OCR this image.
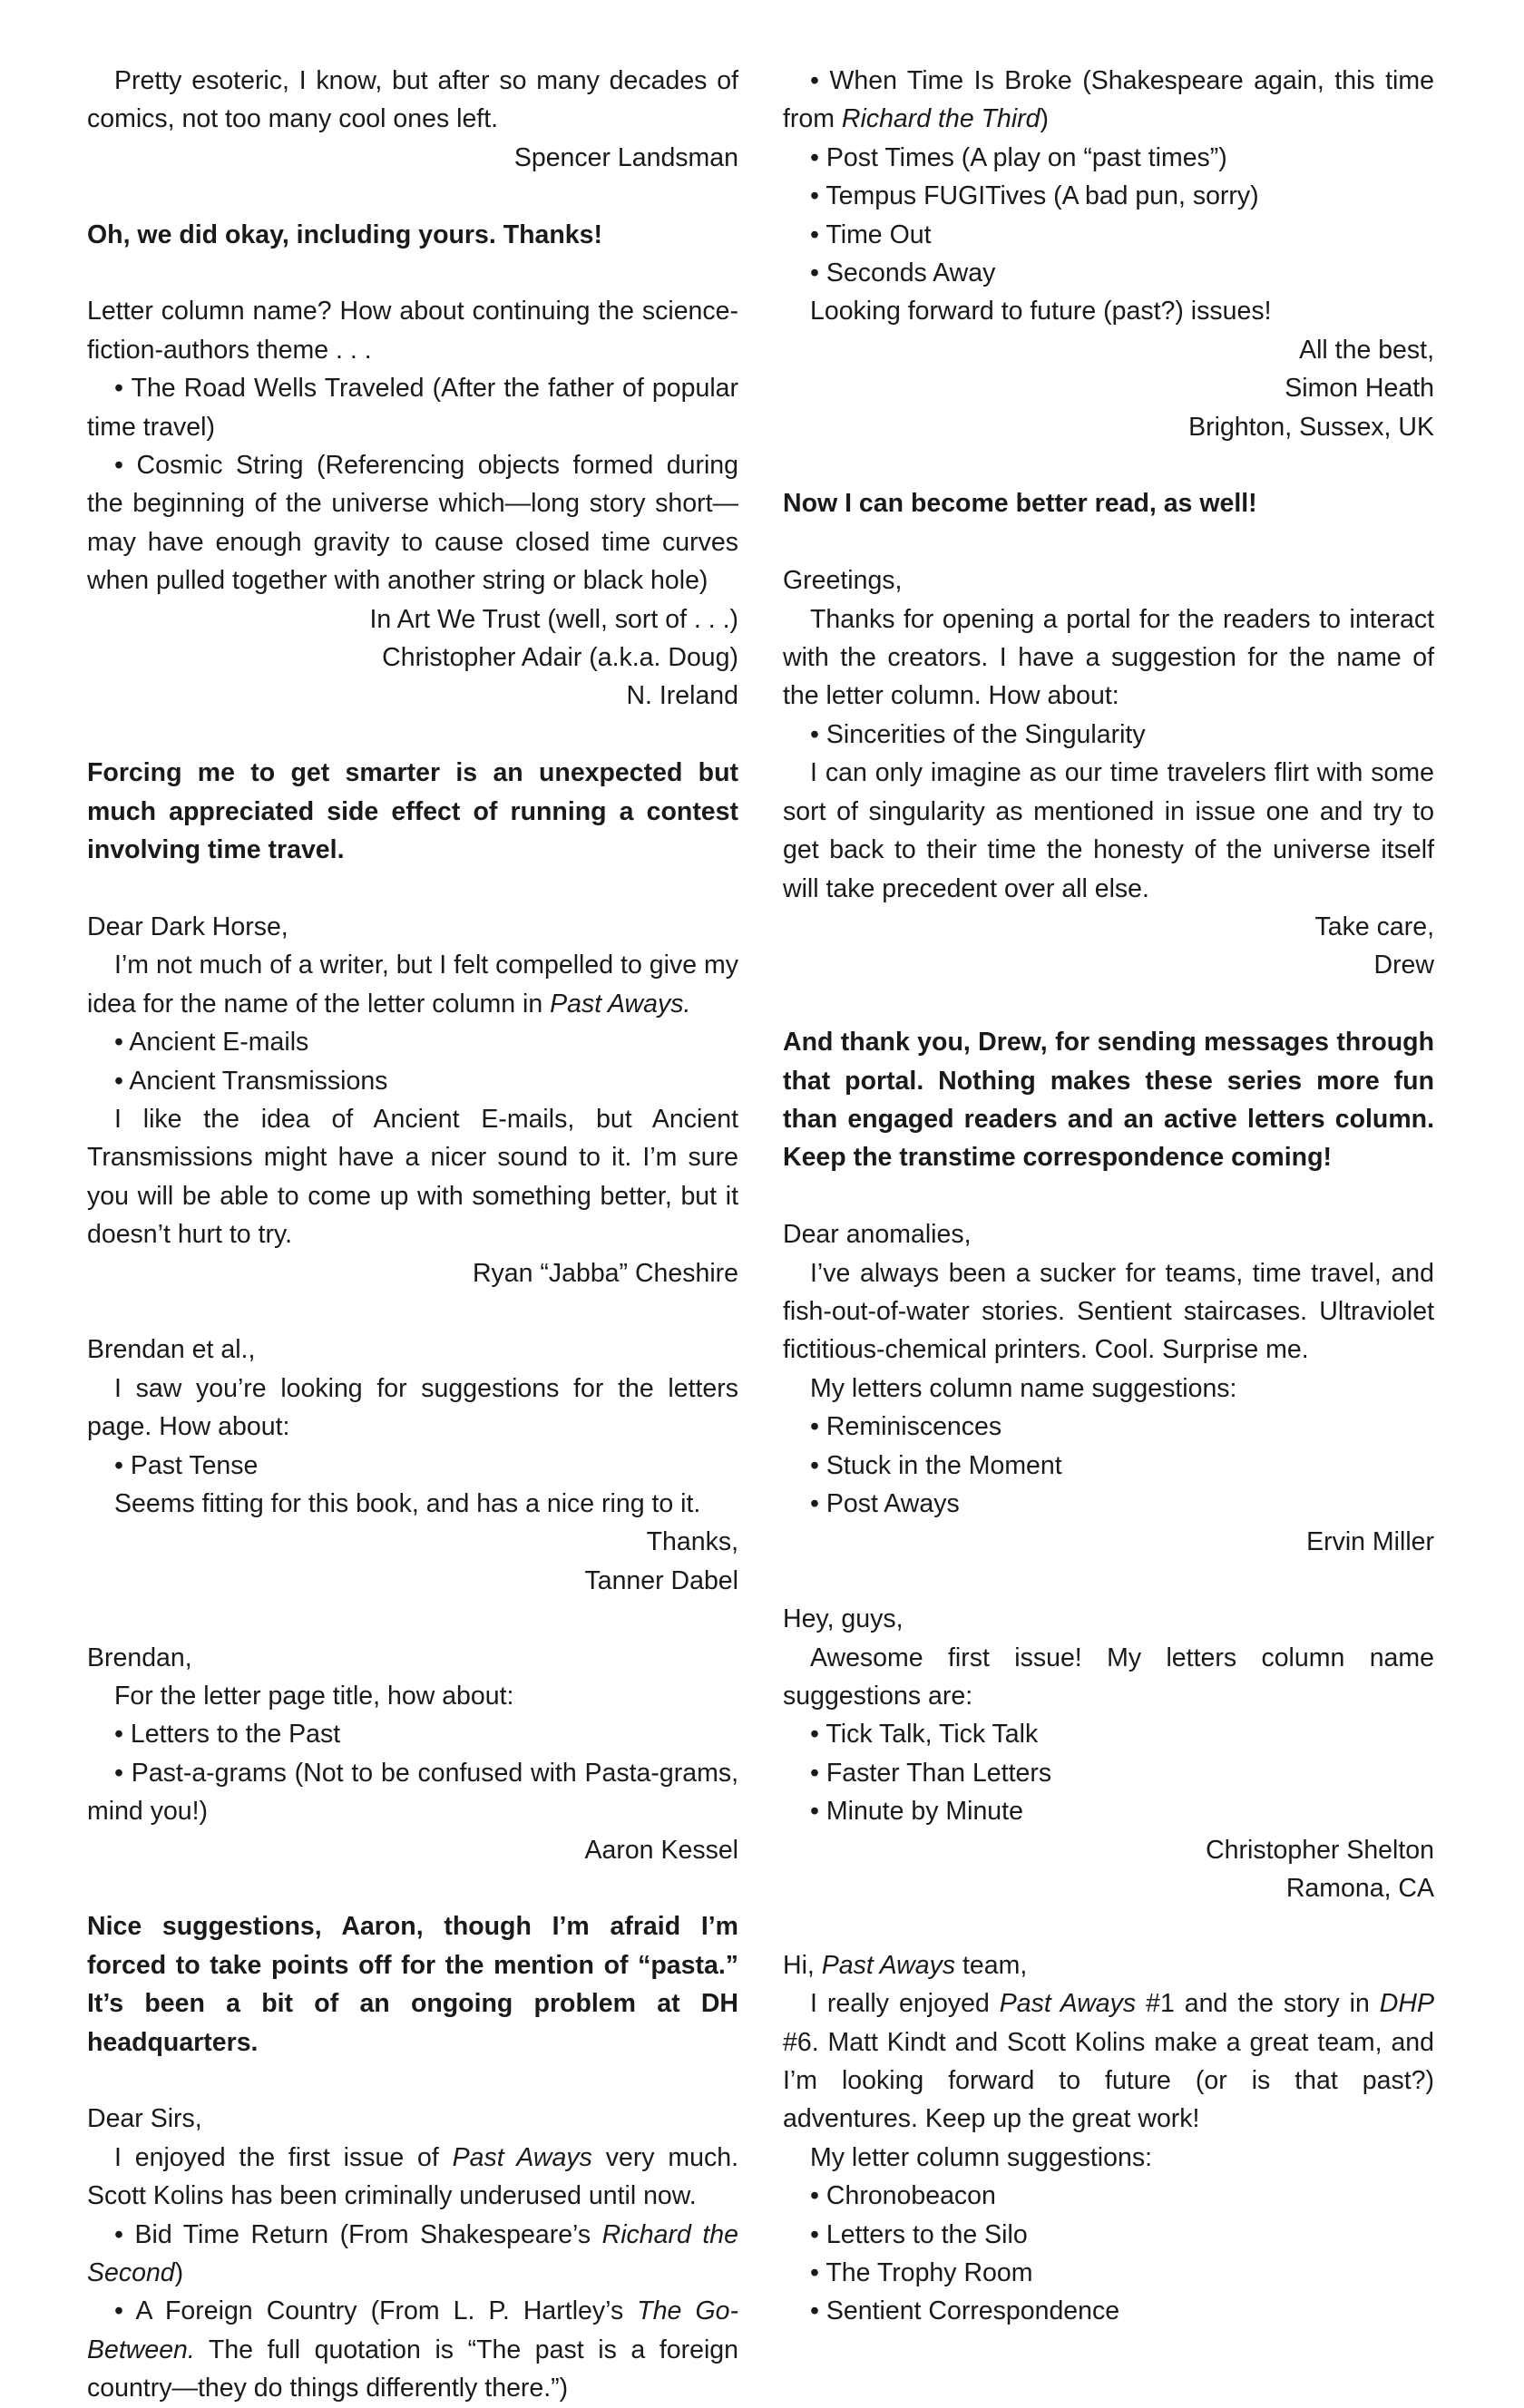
Pretty esoteric, I know, but after so many decades of comics, not too many cool ones left.

Spencer Landsman

Oh, we did okay, including yours. Thanks!

Letter column name? How about continuing the science-fiction-authors theme . . .

• The Road Wells Traveled (After the father of popular time travel)

• Cosmic String (Referencing objects formed during the beginning of the universe which—long story short—may have enough gravity to cause closed time curves when pulled together with another string or black hole)

In Art We Trust (well, sort of . . .)

Christopher Adair (a.k.a. Doug)

N. Ireland

Forcing me to get smarter is an unexpected but much appreciated side effect of running a contest involving time travel.

Dear Dark Horse,

I’m not much of a writer, but I felt compelled to give my idea for the name of the letter column in Past Aways.

• Ancient E-mails

• Ancient Transmissions

I like the idea of Ancient E-mails, but Ancient Transmissions might have a nicer sound to it. I’m sure you will be able to come up with something better, but it doesn’t hurt to try.

Ryan “Jabba” Cheshire

Brendan et al.,

I saw you’re looking for suggestions for the letters page. How about:

• Past Tense

Seems fitting for this book, and has a nice ring to it.

Thanks,

Tanner Dabel

Brendan,

For the letter page title, how about:

• Letters to the Past

• Past-a-grams (Not to be confused with Pasta-grams, mind you!)

Aaron Kessel

Nice suggestions, Aaron, though I’m afraid I’m forced to take points off for the mention of “pasta.” It’s been a bit of an ongoing problem at DH headquarters.

Dear Sirs,

I enjoyed the first issue of Past Aways very much. Scott Kolins has been criminally underused until now.

• Bid Time Return (From Shakespeare’s Richard the Second)

• A Foreign Country (From L. P. Hartley’s The Go-Between. The full quotation is “The past is a foreign country—they do things differently there.”)

• When Time Is Broke (Shakespeare again, this time from Richard the Third)

• Post Times (A play on “past times”)

• Tempus FUGITives (A bad pun, sorry)

• Time Out

• Seconds Away

Looking forward to future (past?) issues!

All the best,

Simon Heath

Brighton, Sussex, UK

Now I can become better read, as well!

Greetings,

Thanks for opening a portal for the readers to interact with the creators. I have a suggestion for the name of the letter column. How about:

• Sincerities of the Singularity

I can only imagine as our time travelers flirt with some sort of singularity as mentioned in issue one and try to get back to their time the honesty of the universe itself will take precedent over all else.

Take care,

Drew

And thank you, Drew, for sending messages through that portal. Nothing makes these series more fun than engaged readers and an active letters column. Keep the transtime correspondence coming!

Dear anomalies,

I’ve always been a sucker for teams, time travel, and fish-out-of-water stories. Sentient staircases. Ultraviolet fictitious-chemical printers. Cool. Surprise me.

My letters column name suggestions:

• Reminiscences

• Stuck in the Moment

• Post Aways

Ervin Miller

Hey, guys,

Awesome first issue! My letters column name suggestions are:

• Tick Talk, Tick Talk

• Faster Than Letters

• Minute by Minute

Christopher Shelton

Ramona, CA

Hi, Past Aways team,

I really enjoyed Past Aways #1 and the story in DHP #6. Matt Kindt and Scott Kolins make a great team, and I’m looking forward to future (or is that past?) adventures. Keep up the great work!

My letter column suggestions:

• Chronobeacon

• Letters to the Silo

• The Trophy Room

• Sentient Correspondence
